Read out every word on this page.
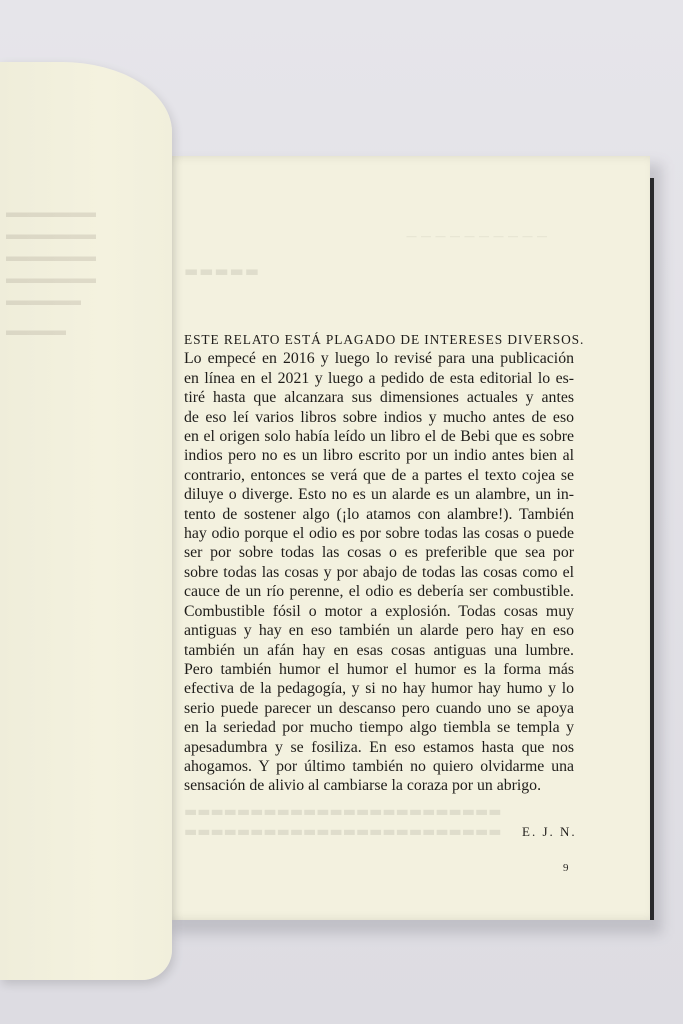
— — — — — — — — — —
▬▬▬▬▬
▬▬▬▬▬▬▬▬▬▬▬▬▬▬▬▬▬▬▬▬▬▬▬▬
▬▬▬▬▬▬▬▬▬▬▬▬▬▬▬▬▬▬▬▬▬▬▬▬
ESTE RELATO ESTÁ PLAGADO DE INTERESES DIVERSOS.
Lo empecé en 2016 y luego lo revisé para una publicación
en línea en el 2021 y luego a pedido de esta editorial lo es-
tiré hasta que alcanzara sus dimensiones actuales y antes
de eso leí varios libros sobre indios y mucho antes de eso
en el origen solo había leído un libro el de Bebi que es sobre
indios pero no es un libro escrito por un indio antes bien al
contrario, entonces se verá que de a partes el texto cojea se
diluye o diverge. Esto no es un alarde es un alambre, un in-
tento de sostener algo (¡lo atamos con alambre!). También
hay odio porque el odio es por sobre todas las cosas o puede
ser por sobre todas las cosas o es preferible que sea por
sobre todas las cosas y por abajo de todas las cosas como el
cauce de un río perenne, el odio es debería ser combustible.
Combustible fósil o motor a explosión. Todas cosas muy
antiguas y hay en eso también un alarde pero hay en eso
también un afán hay en esas cosas antiguas una lumbre.
Pero también humor el humor el humor es la forma más
efectiva de la pedagogía, y si no hay humor hay humo y lo
serio puede parecer un descanso pero cuando uno se apoya
en la seriedad por mucho tiempo algo tiembla se templa y
apesadumbra y se fosiliza. En eso estamos hasta que nos
ahogamos. Y por último también no quiero olvidarme una
sensación de alivio al cambiarse la coraza por un abrigo.
E. J. N.
9
▬▬▬▬▬▬
▬▬▬▬▬▬
▬▬▬▬▬▬
▬▬▬▬▬▬
▬▬▬▬▬
▬▬▬▬
